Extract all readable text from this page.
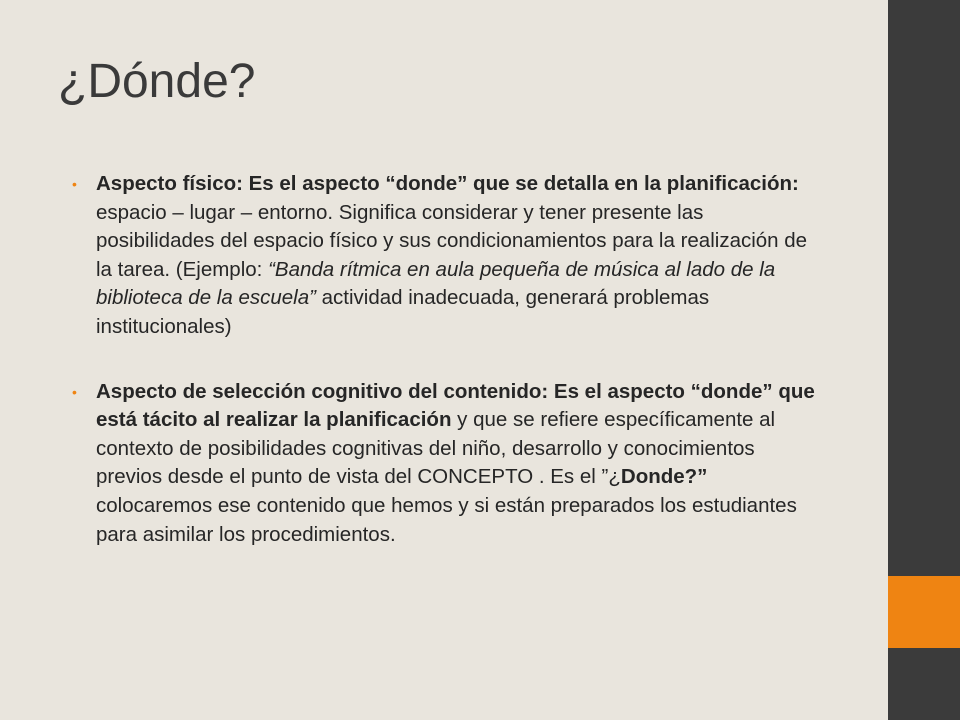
¿Dónde?
• Aspecto físico: Es el aspecto “donde” que se detalla en la planificación: espacio – lugar – entorno. Significa considerar y tener presente las posibilidades del espacio físico y sus condicionamientos para la realización de la tarea. (Ejemplo: “Banda rítmica en aula pequeña de música al lado de la biblioteca de la escuela” actividad inadecuada, generará problemas institucionales)
• Aspecto de selección cognitivo del contenido: Es el aspecto “donde” que está tácito al realizar la planificación y que se refiere específicamente al contexto de posibilidades cognitivas del niño, desarrollo y conocimientos previos desde el punto de vista del CONCEPTO . Es el ”¿Donde?” colocaremos ese contenido que hemos y si están preparados los estudiantes para asimilar los procedimientos.
